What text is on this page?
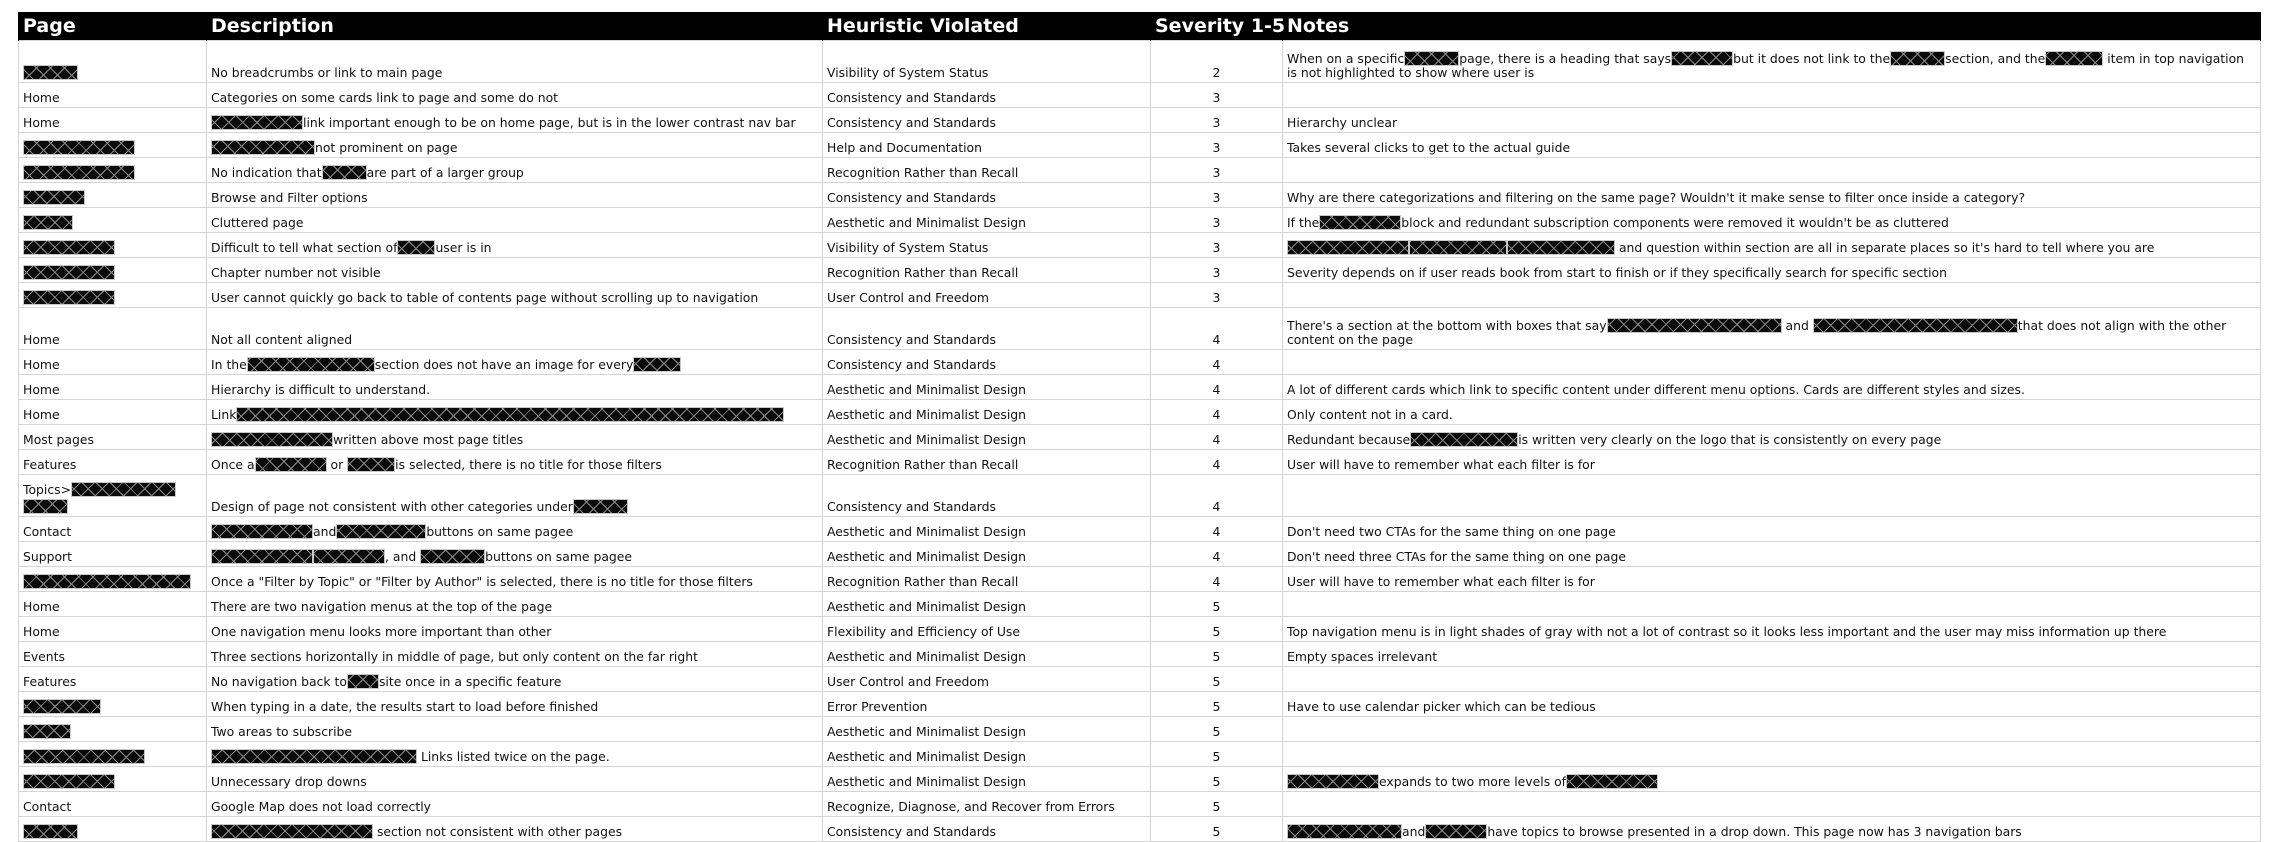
Page	Description	Heuristic Violated	Severity 1-5	Notes
	No breadcrumbs or link to main page	Visibility of System Status	2	When on a specific page, there is a heading that says but it does not link to the section, and the item in top navigation is not highlighted to show where user is
Home	Categories on some cards link to page and some do not	Consistency and Standards	3	
Home	link important enough to be on home page, but is in the lower contrast nav bar	Consistency and Standards	3	Hierarchy unclear
	not prominent on page	Help and Documentation	3	Takes several clicks to get to the actual guide
	No indication that are part of a larger group	Recognition Rather than Recall	3	
	Browse and Filter options	Consistency and Standards	3	Why are there categorizations and filtering on the same page? Wouldn't it make sense to filter once inside a category?
	Cluttered page	Aesthetic and Minimalist Design	3	If the block and redundant subscription components were removed it wouldn't be as cluttered
	Difficult to tell what section of user is in	Visibility of System Status	3	and question within section are all in separate places so it's hard to tell where you are
	Chapter number not visible	Recognition Rather than Recall	3	Severity depends on if user reads book from start to finish or if they specifically search for specific section
	User cannot quickly go back to table of contents page without scrolling up to navigation	User Control and Freedom	3	
Home	Not all content aligned	Consistency and Standards	4	There's a section at the bottom with boxes that say and that does not align with the other content on the page
Home	In the section does not have an image for every	Consistency and Standards	4	
Home	Hierarchy is difficult to understand.	Aesthetic and Minimalist Design	4	A lot of different cards which link to specific content under different menu options. Cards are different styles and sizes.
Home	Link	Aesthetic and Minimalist Design	4	Only content not in a card.
Most pages	written above most page titles	Aesthetic and Minimalist Design	4	Redundant because is written very clearly on the logo that is consistently on every page
Features	Once a or is selected, there is no title for those filters	Recognition Rather than Recall	4	User will have to remember what each filter is for
Topics>	Design of page not consistent with other categories under	Consistency and Standards	4	
Contact	and buttons on same pagee	Aesthetic and Minimalist Design	4	Don't need two CTAs for the same thing on one page
Support	, and buttons on same pagee	Aesthetic and Minimalist Design	4	Don't need three CTAs for the same thing on one page
	Once a "Filter by Topic" or "Filter by Author" is selected, there is no title for those filters	Recognition Rather than Recall	4	User will have to remember what each filter is for
Home	There are two navigation menus at the top of the page	Aesthetic and Minimalist Design	5	
Home	One navigation menu looks more important than other	Flexibility and Efficiency of Use	5	Top navigation menu is in light shades of gray with not a lot of contrast so it looks less important and the user may miss information up there
Events	Three sections horizontally in middle of page, but only content on the far right	Aesthetic and Minimalist Design	5	Empty spaces irrelevant
Features	No navigation back to site once in a specific feature	User Control and Freedom	5	
	When typing in a date, the results start to load before finished	Error Prevention	5	Have to use calendar picker which can be tedious
	Two areas to subscribe	Aesthetic and Minimalist Design	5	
	Links listed twice on the page.	Aesthetic and Minimalist Design	5	
	Unnecessary drop downs	Aesthetic and Minimalist Design	5	expands to two more levels of
Contact	Google Map does not load correctly	Recognize, Diagnose, and Recover from Errors	5	
	section not consistent with other pages	Consistency and Standards	5	and have topics to browse presented in a drop down. This page now has 3 navigation bars
